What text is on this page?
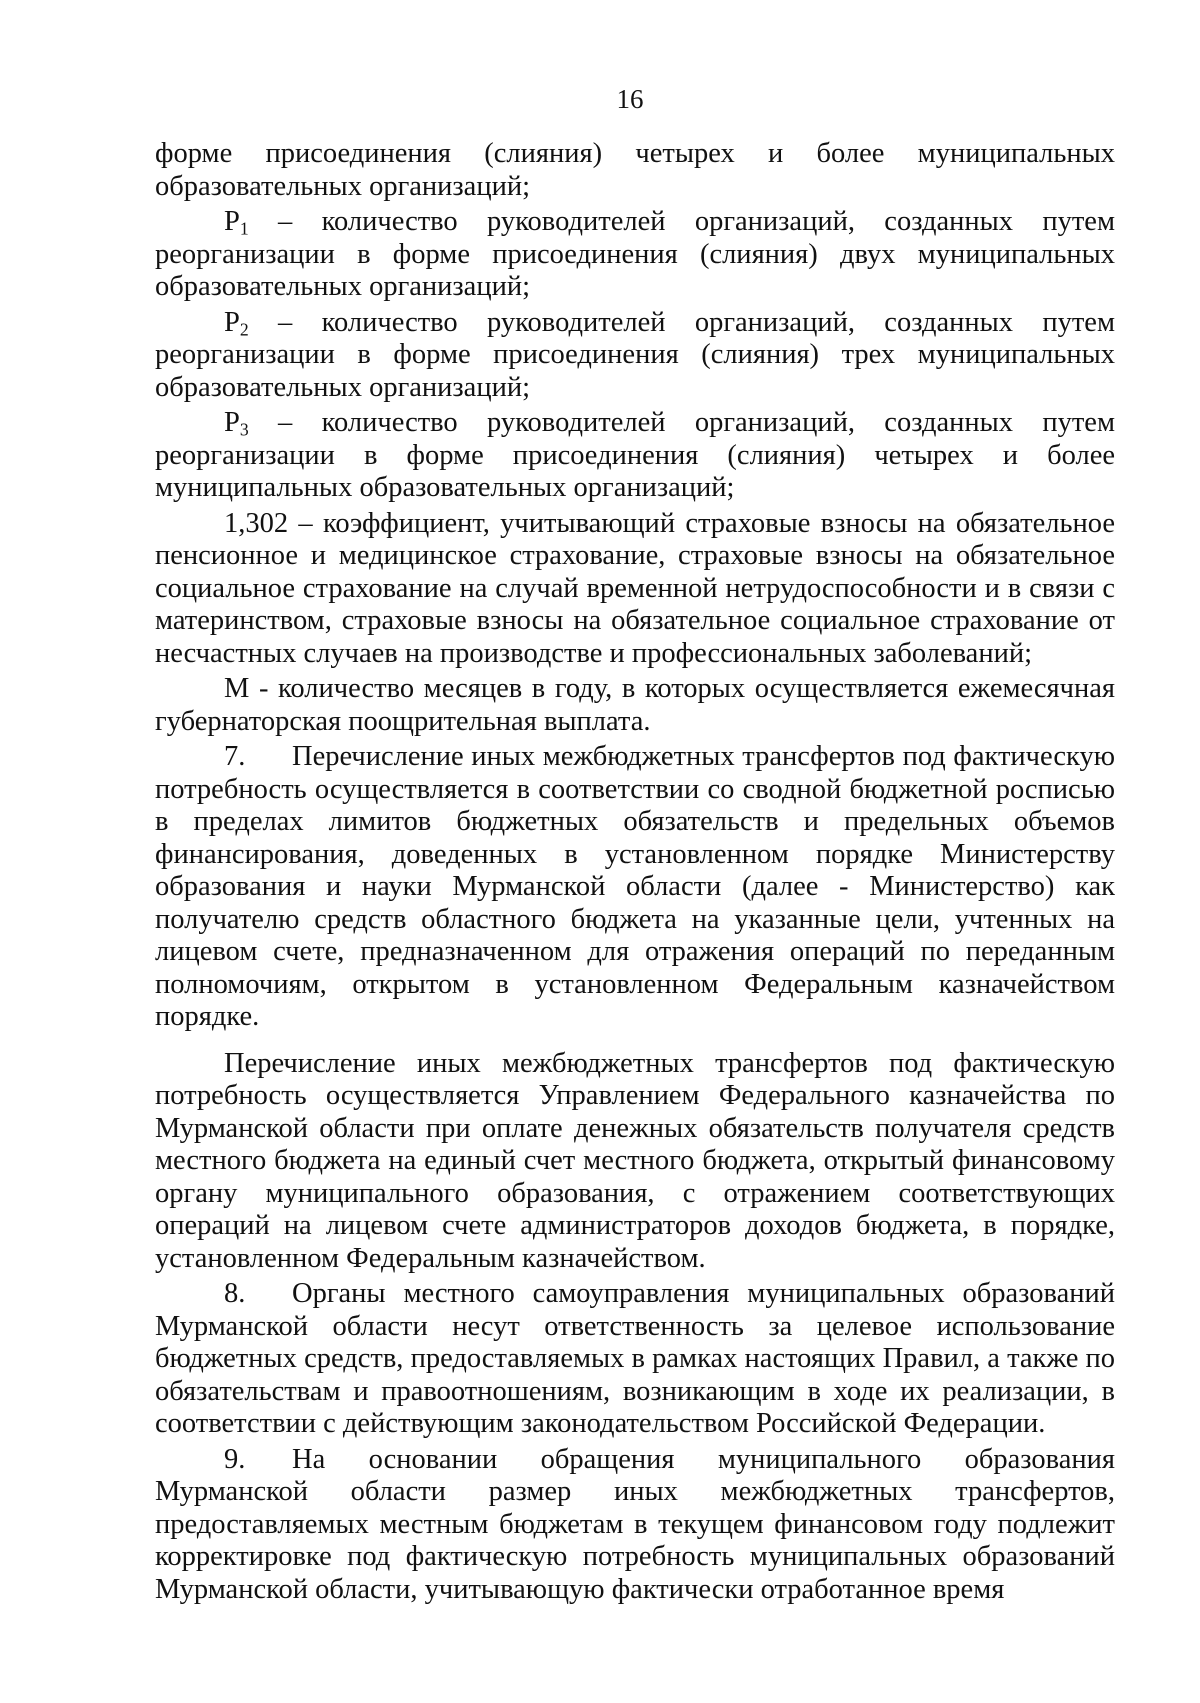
16

форме присоединения (слияния) четырех и более муниципальных образовательных организаций;

$P_1$ – количество руководителей организаций, созданных путем реорганизации в форме присоединения (слияния) двух муниципальных образовательных организаций;

$P_2$ – количество руководителей организаций, созданных путем реорганизации в форме присоединения (слияния) трех муниципальных образовательных организаций;

$P_3$ – количество руководителей организаций, созданных путем реорганизации в форме присоединения (слияния) четырех и более муниципальных образовательных организаций;

1,302 – коэффициент, учитывающий страховые взносы на обязательное пенсионное и медицинское страхование, страховые взносы на обязательное социальное страхование на случай временной нетрудоспособности и в связи с материнством, страховые взносы на обязательное социальное страхование от несчастных случаев на производстве и профессиональных заболеваний;

М - количество месяцев в году, в которых осуществляется ежемесячная губернаторская поощрительная выплата.

7. Перечисление иных межбюджетных трансфертов под фактическую потребность осуществляется в соответствии со сводной бюджетной росписью в пределах лимитов бюджетных обязательств и предельных объемов финансирования, доведенных в установленном порядке Министерству образования и науки Мурманской области (далее - Министерство) как получателю средств областного бюджета на указанные цели, учтенных на лицевом счете, предназначенном для отражения операций по переданным полномочиям, открытом в установленном Федеральным казначейством порядке.

Перечисление иных межбюджетных трансфертов под фактическую потребность осуществляется Управлением Федерального казначейства по Мурманской области при оплате денежных обязательств получателя средств местного бюджета на единый счет местного бюджета, открытый финансовому органу муниципального образования, с отражением соответствующих операций на лицевом счете администраторов доходов бюджета, в порядке, установленном Федеральным казначейством.

8. Органы местного самоуправления муниципальных образований Мурманской области несут ответственность за целевое использование бюджетных средств, предоставляемых в рамках настоящих Правил, а также по обязательствам и правоотношениям, возникающим в ходе их реализации, в соответствии с действующим законодательством Российской Федерации.

9. На основании обращения муниципального образования Мурманской области размер иных межбюджетных трансфертов, предоставляемых местным бюджетам в текущем финансовом году подлежит корректировке под фактическую потребность муниципальных образований Мурманской области, учитывающую фактически отработанное время
